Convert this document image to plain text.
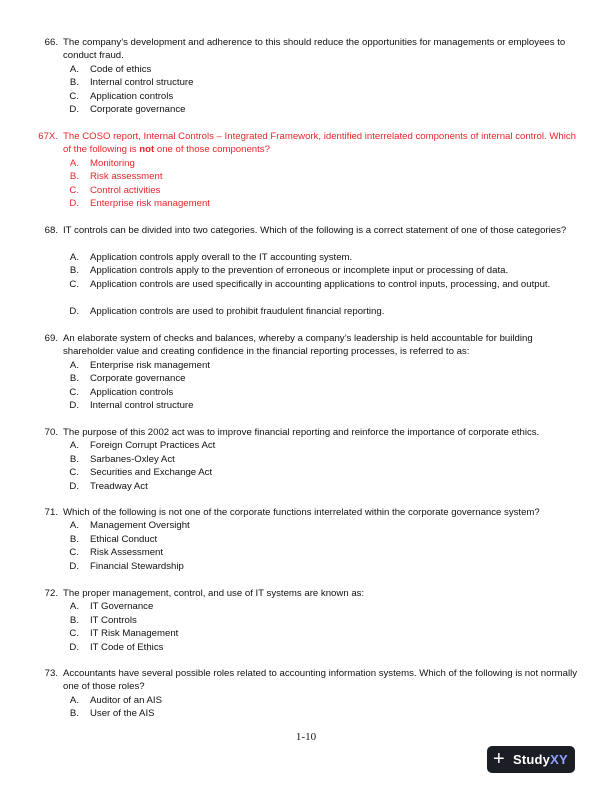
66. The company’s development and adherence to this should reduce the opportunities for managements or employees to conduct fraud.
A. Code of ethics
B. Internal control structure
C. Application controls
D. Corporate governance
67X. The COSO report, Internal Controls – Integrated Framework, identified interrelated components of internal control. Which of the following is not one of those components?
A. Monitoring
B. Risk assessment
C. Control activities
D. Enterprise risk management
68. IT controls can be divided into two categories. Which of the following is a correct statement of one of those categories?
A. Application controls apply overall to the IT accounting system.
B. Application controls apply to the prevention of erroneous or incomplete input or processing of data.
C. Application controls are used specifically in accounting applications to control inputs, processing, and output.
D. Application controls are used to prohibit fraudulent financial reporting.
69. An elaborate system of checks and balances, whereby a company’s leadership is held accountable for building shareholder value and creating confidence in the financial reporting processes, is referred to as:
A. Enterprise risk management
B. Corporate governance
C. Application controls
D. Internal control structure
70. The purpose of this 2002 act was to improve financial reporting and reinforce the importance of corporate ethics.
A. Foreign Corrupt Practices Act
B. Sarbanes-Oxley Act
C. Securities and Exchange Act
D. Treadway Act
71. Which of the following is not one of the corporate functions interrelated within the corporate governance system?
A. Management Oversight
B. Ethical Conduct
C. Risk Assessment
D. Financial Stewardship
72. The proper management, control, and use of IT systems are known as:
A. IT Governance
B. IT Controls
C. IT Risk Management
D. IT Code of Ethics
73. Accountants have several possible roles related to accounting information systems. Which of the following is not normally one of those roles?
A. Auditor of an AIS
B. User of the AIS
1-10
+ StudyXY
